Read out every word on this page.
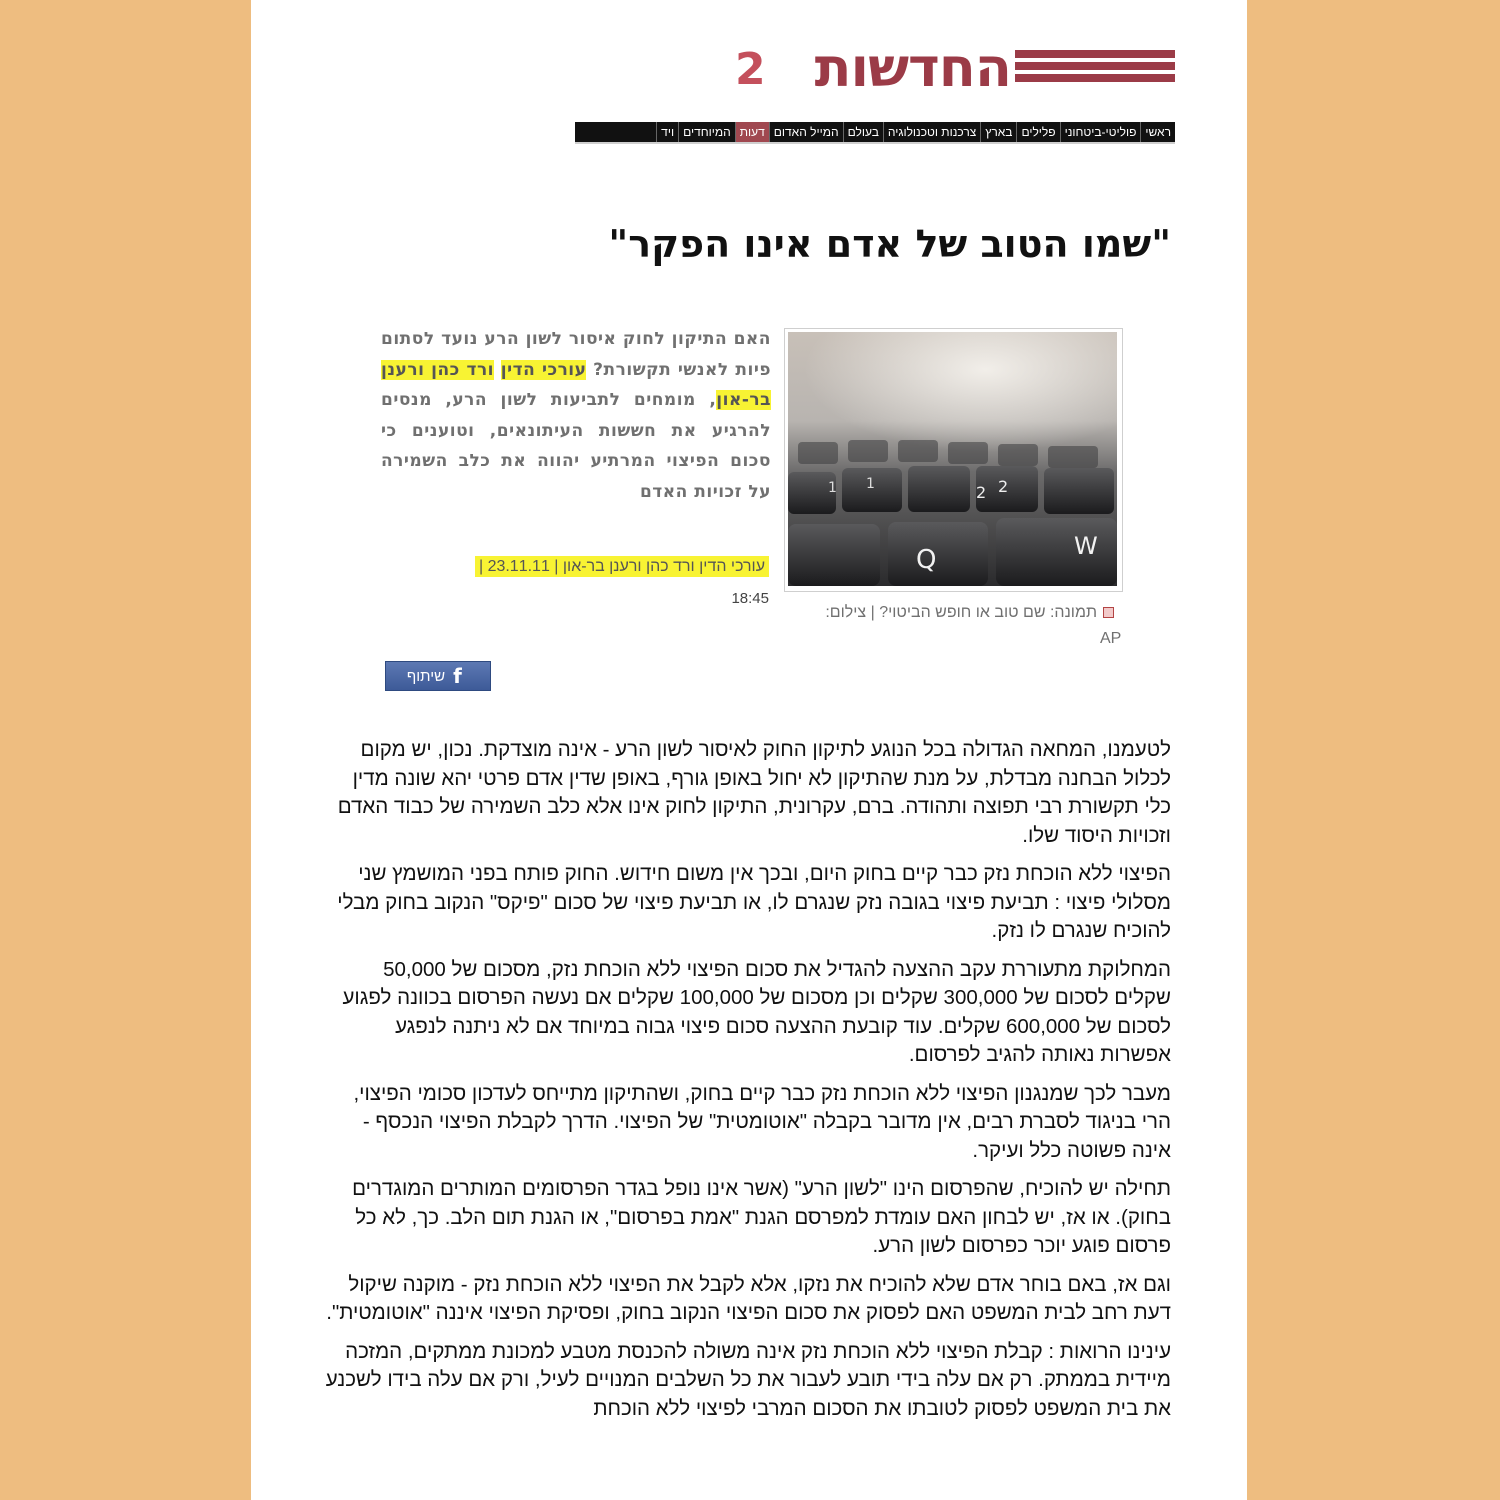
החדשות
2
ראשי
פוליטי-ביטחוני
פלילים
בארץ
צרכנות וטכנולוגיה
בעולם
המייל האדום
דעות
המיוחדים
ויד
"שמו הטוב של אדם אינו הפקר"
1 1	2 2
Q	W
תמונה: שם טוב או חופש הביטוי? | צילום:
AP
האם התיקון לחוק איסור לשון הרע נועד לסתום פיות לאנשי תקשורת? עורכי הדין ורד כהן ורענן בר-און, מומחים לתביעות לשון הרע, מנסים להרגיע את חששות העיתונאים, וטוענים כי סכום הפיצוי המרתיע יהווה את כלב השמירה על זכויות האדם
עורכי הדין ורד כהן ורענן בר-און | 23.11.11 |
18:45
שיתוף f

לטעמנו, המחאה הגדולה בכל הנוגע לתיקון החוק לאיסור לשון הרע - אינה מוצדקת. נכון, יש מקום לכלול הבחנה מבדלת, על מנת שהתיקון לא יחול באופן גורף, באופן שדין אדם פרטי יהא שונה מדין כלי תקשורת רבי תפוצה ותהודה. ברם, עקרונית, התיקון לחוק אינו אלא כלב השמירה של כבוד האדם וזכויות היסוד שלו.

הפיצוי ללא הוכחת נזק כבר קיים בחוק היום, ובכך אין משום חידוש. החוק פותח בפני המושמץ שני מסלולי פיצוי : תביעת פיצוי בגובה נזק שנגרם לו, או תביעת פיצוי של סכום "פיקס" הנקוב בחוק מבלי להוכיח שנגרם לו נזק.

המחלוקת מתעוררת עקב ההצעה להגדיל את סכום הפיצוי ללא הוכחת נזק, מסכום של 50,000 שקלים לסכום של 300,000 שקלים וכן מסכום של 100,000 שקלים אם נעשה הפרסום בכוונה לפגוע לסכום של 600,000 שקלים. עוד קובעת ההצעה סכום פיצוי גבוה במיוחד אם לא ניתנה לנפגע אפשרות נאותה להגיב לפרסום.

מעבר לכך שמנגנון הפיצוי ללא הוכחת נזק כבר קיים בחוק, ושהתיקון מתייחס לעדכון סכומי הפיצוי, הרי בניגוד לסברת רבים, אין מדובר בקבלה "אוטומטית" של הפיצוי. הדרך לקבלת הפיצוי הנכסף - אינה פשוטה כלל ועיקר.

תחילה יש להוכיח, שהפרסום הינו "לשון הרע" (אשר אינו נופל בגדר הפרסומים המותרים המוגדרים בחוק). או אז, יש לבחון האם עומדת למפרסם הגנת "אמת בפרסום", או הגנת תום הלב. כך, לא כל פרסום פוגע יוכר כפרסום לשון הרע.

וגם אז, באם בוחר אדם שלא להוכיח את נזקו, אלא לקבל את הפיצוי ללא הוכחת נזק - מוקנה שיקול דעת רחב לבית המשפט האם לפסוק את סכום הפיצוי הנקוב בחוק, ופסיקת הפיצוי איננה "אוטומטית".

עינינו הרואות : קבלת הפיצוי ללא הוכחת נזק אינה משולה להכנסת מטבע למכונת ממתקים, המזכה מיידית בממתק. רק אם עלה בידי תובע לעבור את כל השלבים המנויים לעיל, ורק אם עלה בידו לשכנע את בית המשפט לפסוק לטובתו את הסכום המרבי לפיצוי ללא הוכחת
